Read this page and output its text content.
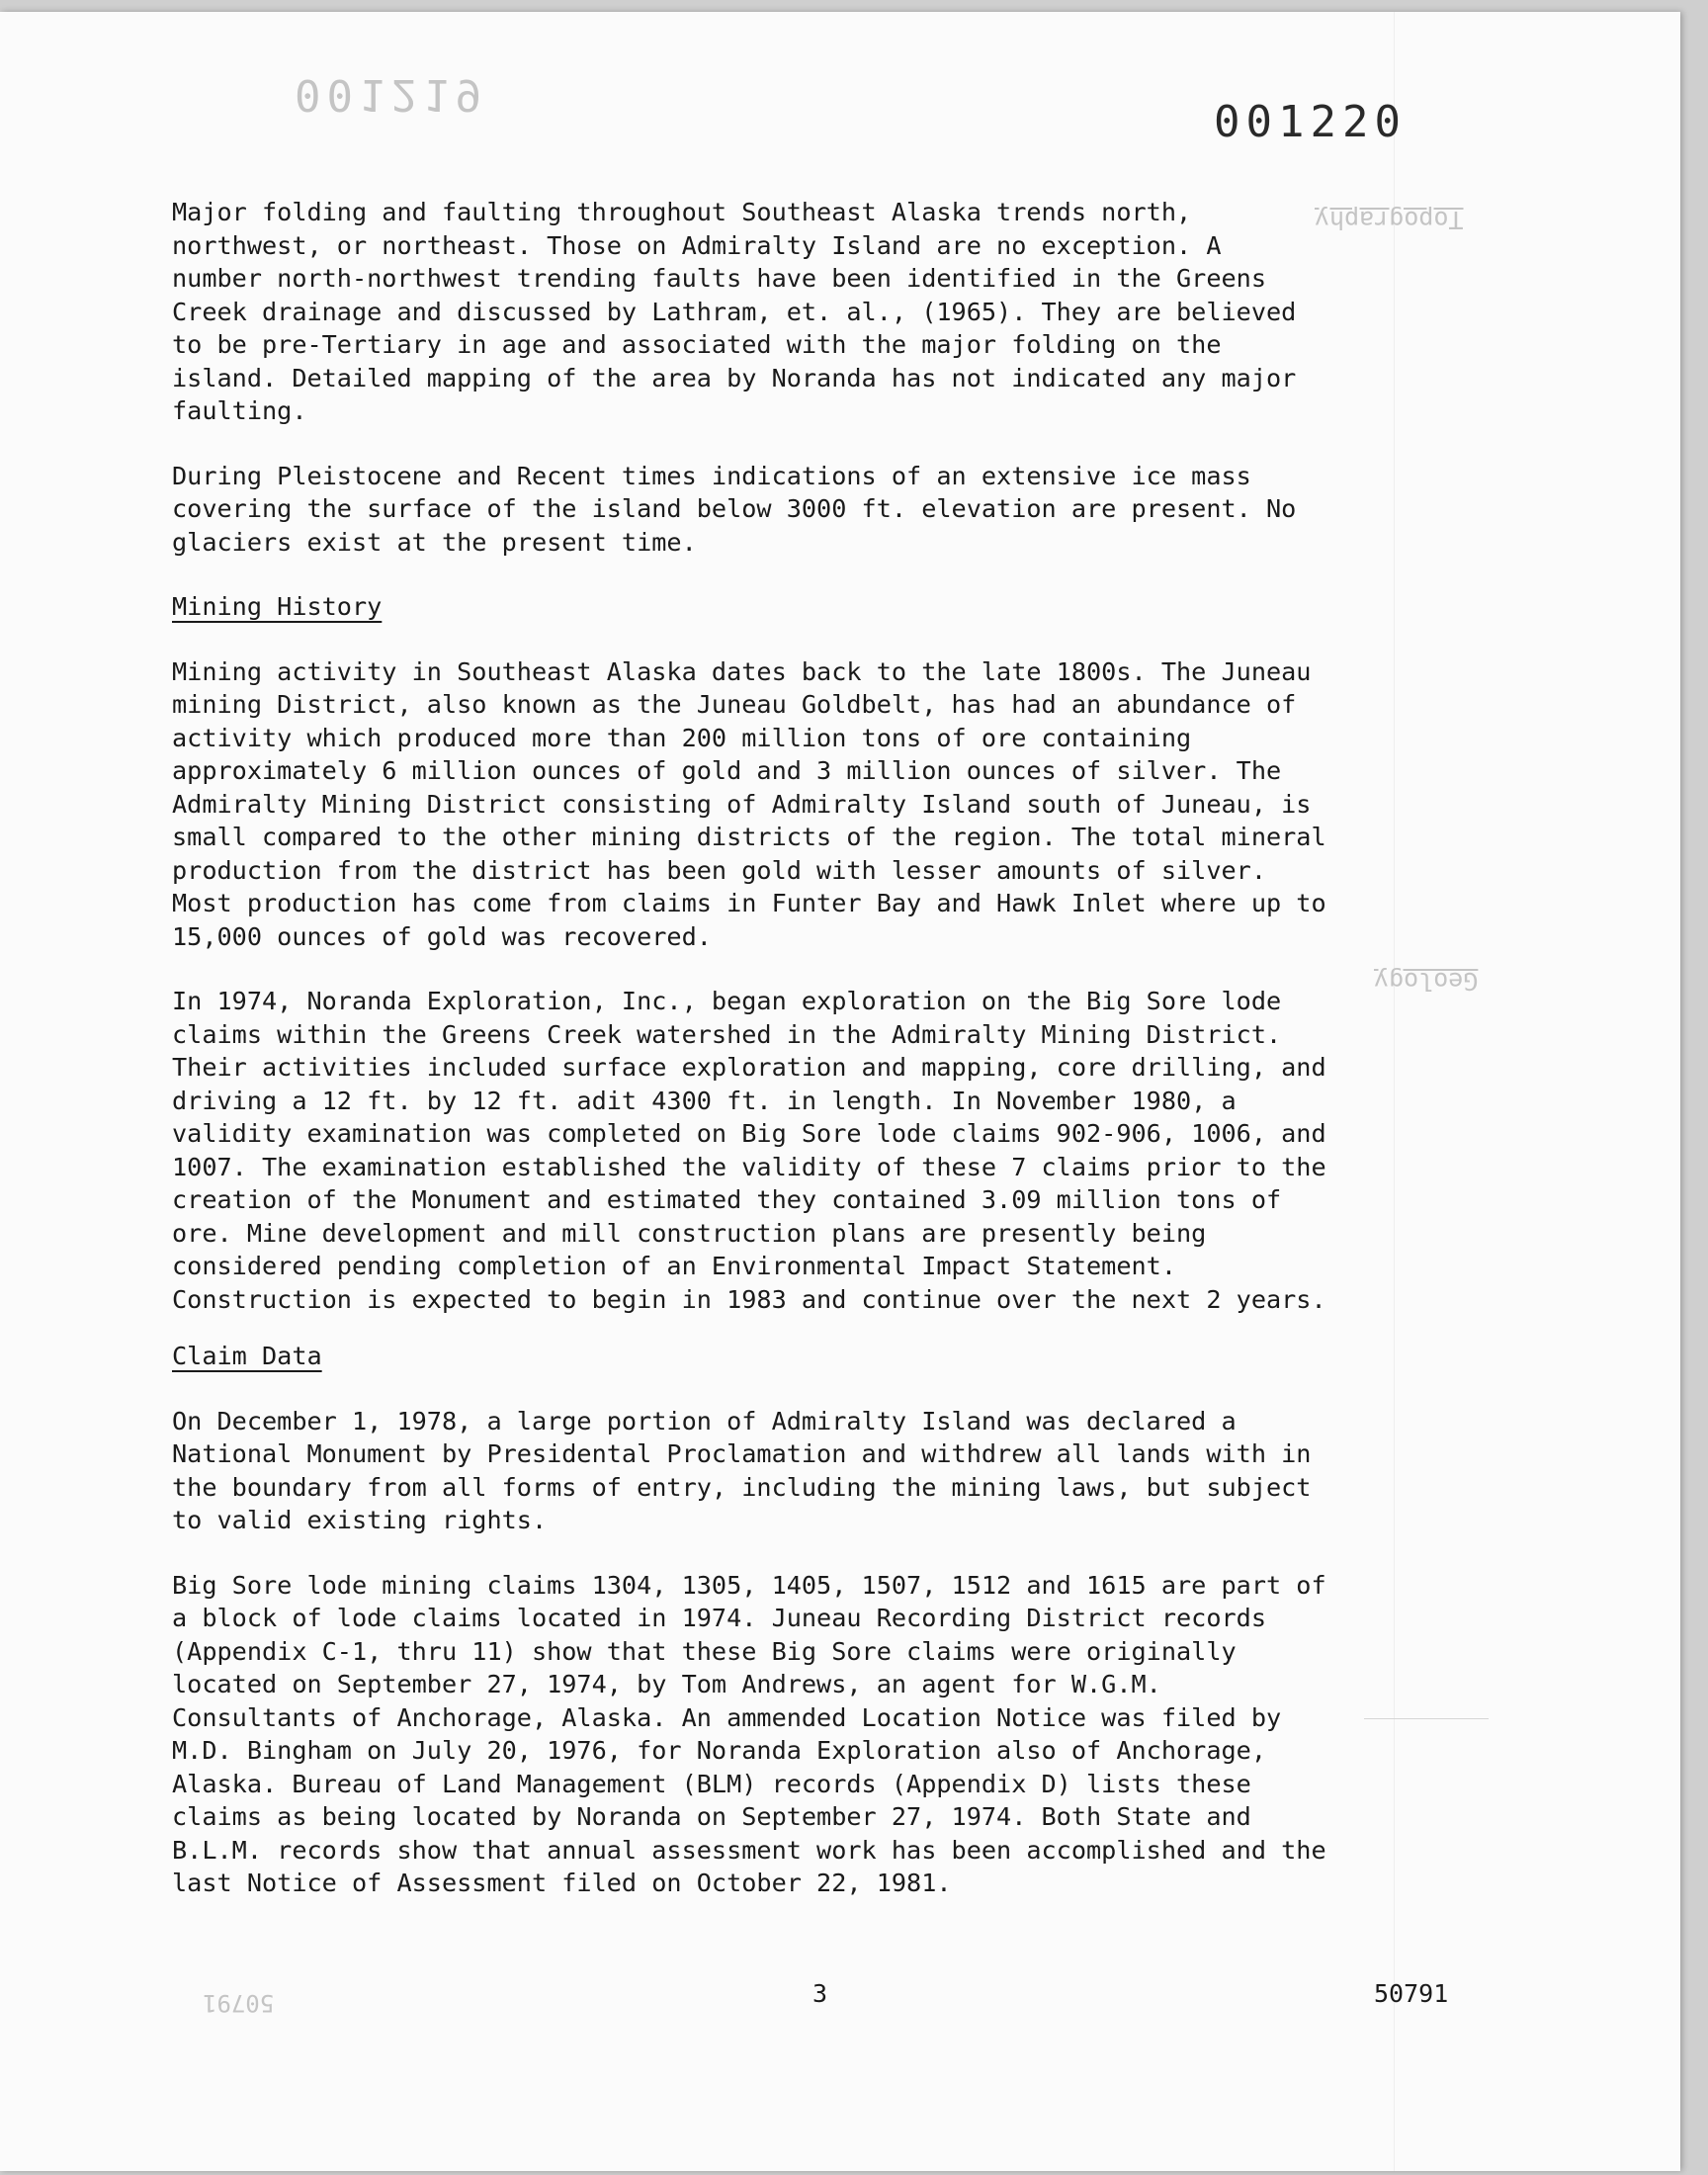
Topography
Geology
50791
001219
001220

Major folding and faulting throughout Southeast Alaska trends north,
northwest, or northeast. Those on Admiralty Island are no exception. A
number north-northwest trending faults have been identified in the Greens
Creek drainage and discussed by Lathram, et. al., (1965). They are believed
to be pre-Tertiary in age and associated with the major folding on the
island. Detailed mapping of the area by Noranda has not indicated any major
faulting.

During Pleistocene and Recent times indications of an extensive ice mass
covering the surface of the island below 3000 ft. elevation are present. No
glaciers exist at the present time.

Mining History

Mining activity in Southeast Alaska dates back to the late 1800s. The Juneau
mining District, also known as the Juneau Goldbelt, has had an abundance of
activity which produced more than 200 million tons of ore containing
approximately 6 million ounces of gold and 3 million ounces of silver. The
Admiralty Mining District consisting of Admiralty Island south of Juneau, is
small compared to the other mining districts of the region. The total mineral
production from the district has been gold with lesser amounts of silver.
Most production has come from claims in Funter Bay and Hawk Inlet where up to
15,000 ounces of gold was recovered.

In 1974, Noranda Exploration, Inc., began exploration on the Big Sore lode
claims within the Greens Creek watershed in the Admiralty Mining District.
Their activities included surface exploration and mapping, core drilling, and
driving a 12 ft. by 12 ft. adit 4300 ft. in length. In November 1980, a
validity examination was completed on Big Sore lode claims 902-906, 1006, and
1007. The examination established the validity of these 7 claims prior to the
creation of the Monument and estimated they contained 3.09 million tons of
ore. Mine development and mill construction plans are presently being
considered pending completion of an Environmental Impact Statement.
Construction is expected to begin in 1983 and continue over the next 2 years.

Claim Data

On December 1, 1978, a large portion of Admiralty Island was declared a
National Monument by Presidental Proclamation and withdrew all lands with in
the boundary from all forms of entry, including the mining laws, but subject
to valid existing rights.

Big Sore lode mining claims 1304, 1305, 1405, 1507, 1512 and 1615 are part of
a block of lode claims located in 1974. Juneau Recording District records
(Appendix C-1, thru 11) show that these Big Sore claims were originally
located on September 27, 1974, by Tom Andrews, an agent for W.G.M.
Consultants of Anchorage, Alaska. An ammended Location Notice was filed by
M.D. Bingham on July 20, 1976, for Noranda Exploration also of Anchorage,
Alaska. Bureau of Land Management (BLM) records (Appendix D) lists these
claims as being located by Noranda on September 27, 1974. Both State and
B.L.M. records show that annual assessment work has been accomplished and the
last Notice of Assessment filed on October 22, 1981.

3	50791
